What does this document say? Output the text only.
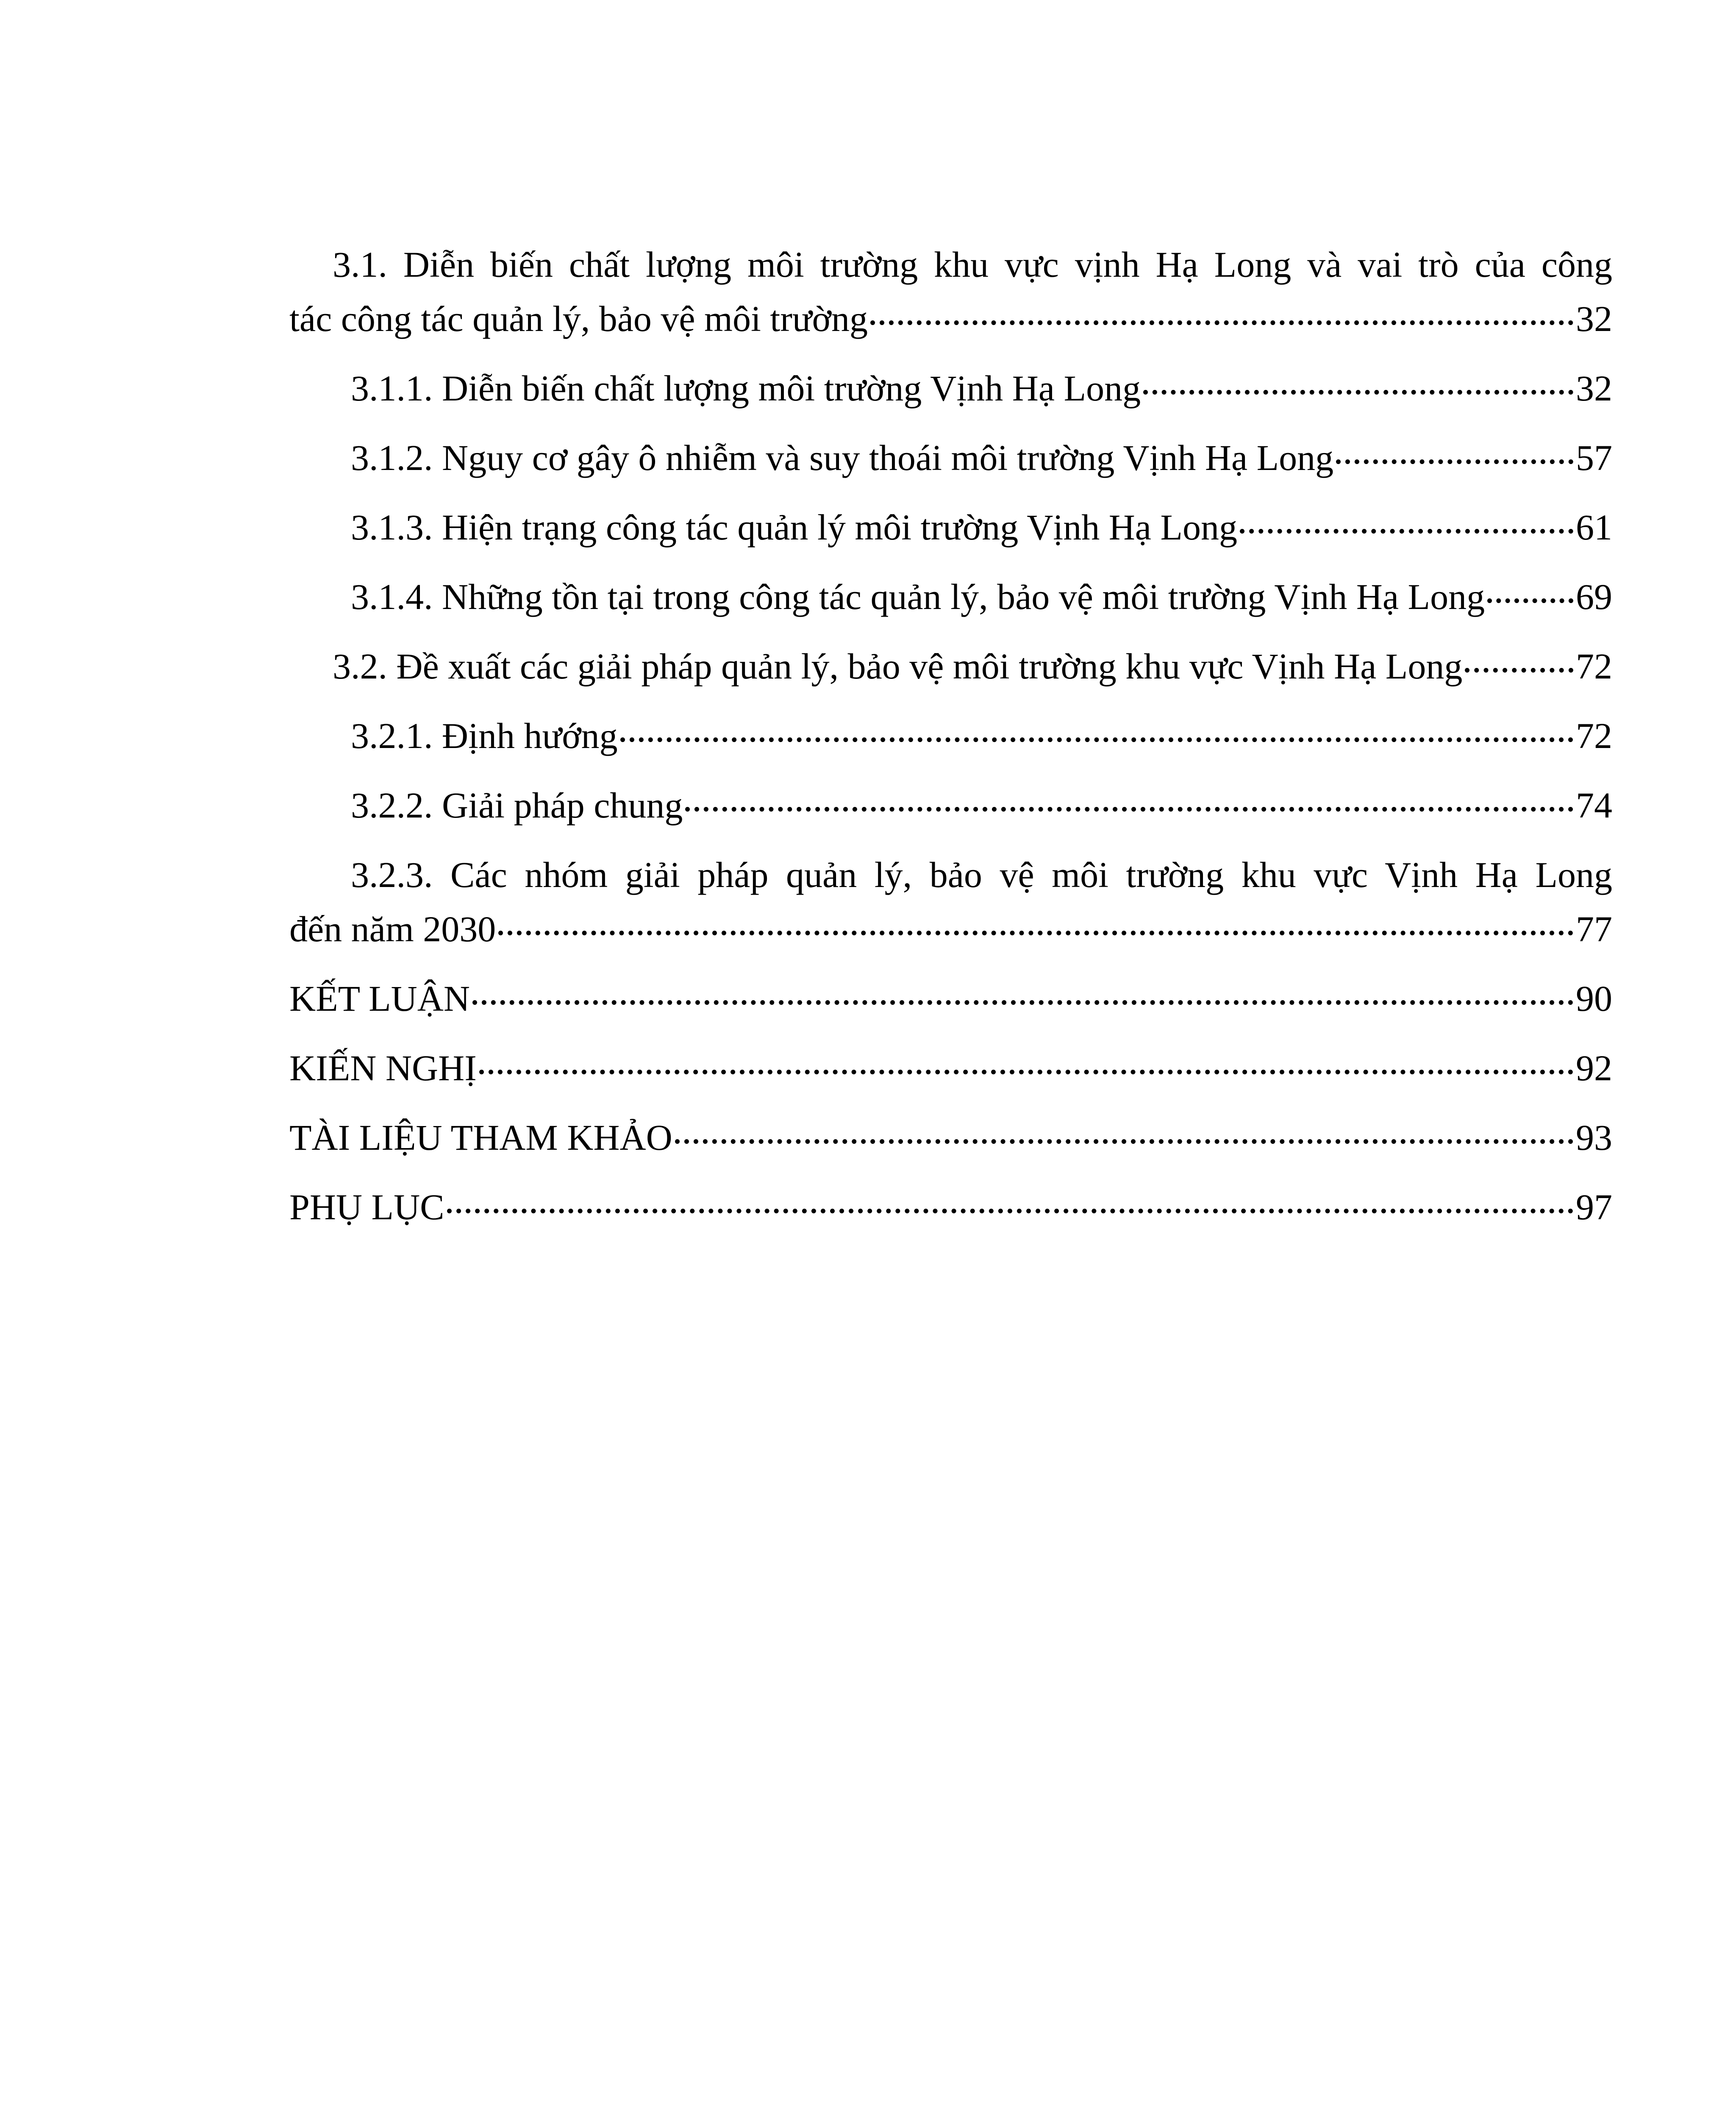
3.1. Diễn biến chất lượng môi trường khu vực vịnh Hạ Long và vai trò của công
tác công tác quản lý, bảo vệ môi trường	32
3.1.1. Diễn biến chất lượng môi trường Vịnh Hạ Long	32
3.1.2. Nguy cơ gây ô nhiễm và suy thoái môi trường Vịnh Hạ Long	57
3.1.3. Hiện trạng công tác quản lý môi trường Vịnh Hạ Long	61
3.1.4. Những tồn tại trong công tác quản lý, bảo vệ môi trường Vịnh Hạ Long 69
3.2. Đề xuất các giải pháp quản lý, bảo vệ môi trường khu vực Vịnh Hạ Long	72
3.2.1. Định hướng	72
3.2.2. Giải pháp chung	74
3.2.3. Các nhóm giải pháp quản lý, bảo vệ môi trường khu vực Vịnh Hạ Long
đến năm 2030	77
KẾT LUẬN	90
KIẾN NGHỊ	92
TÀI LIỆU THAM KHẢO	93
PHỤ LỤC	97
